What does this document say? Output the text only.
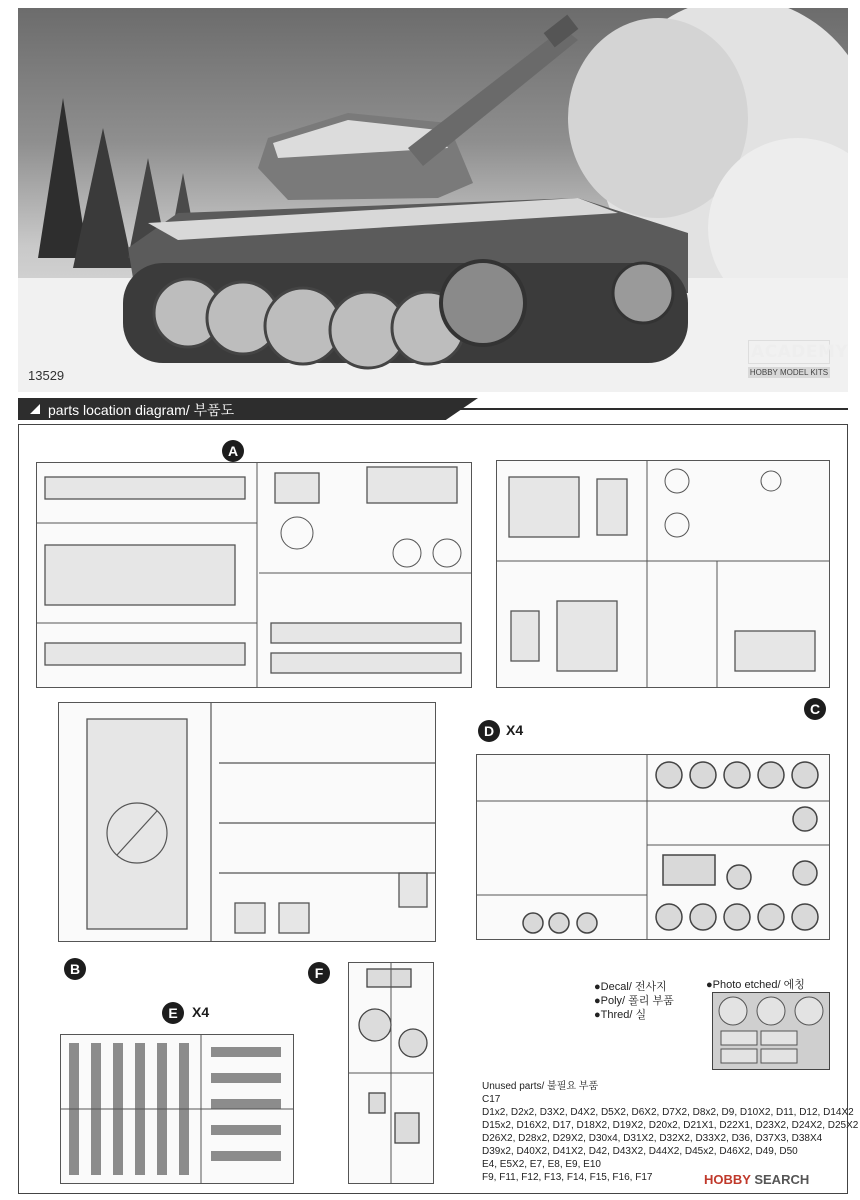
13529
ACADEMY
HOBBY MODEL KITS
parts location diagram/ 부품도
A
C
B
D X4
E	X4
F
●Decal/ 전사지
●Poly/ 폴리 부품
●Thred/ 실
●Photo etched/ 에칭
Unused parts/ 불필요 부품
C17
D1x2, D2x2, D3X2, D4X2, D5X2, D6X2, D7X2, D8x2, D9, D10X2, D11, D12, D14X2
D15x2, D16X2, D17, D18X2, D19X2, D20x2, D21X1, D22X1, D23X2, D24X2, D25X2
D26X2, D28x2, D29X2, D30x4, D31X2, D32X2, D33X2, D36, D37X3, D38X4
D39x2, D40X2, D41X2, D42, D43X2, D44X2, D45x2, D46X2, D49, D50
E4, E5X2, E7, E8, E9, E10
F9, F11, F12, F13, F14, F15, F16, F17	HOBBY SEARCH
